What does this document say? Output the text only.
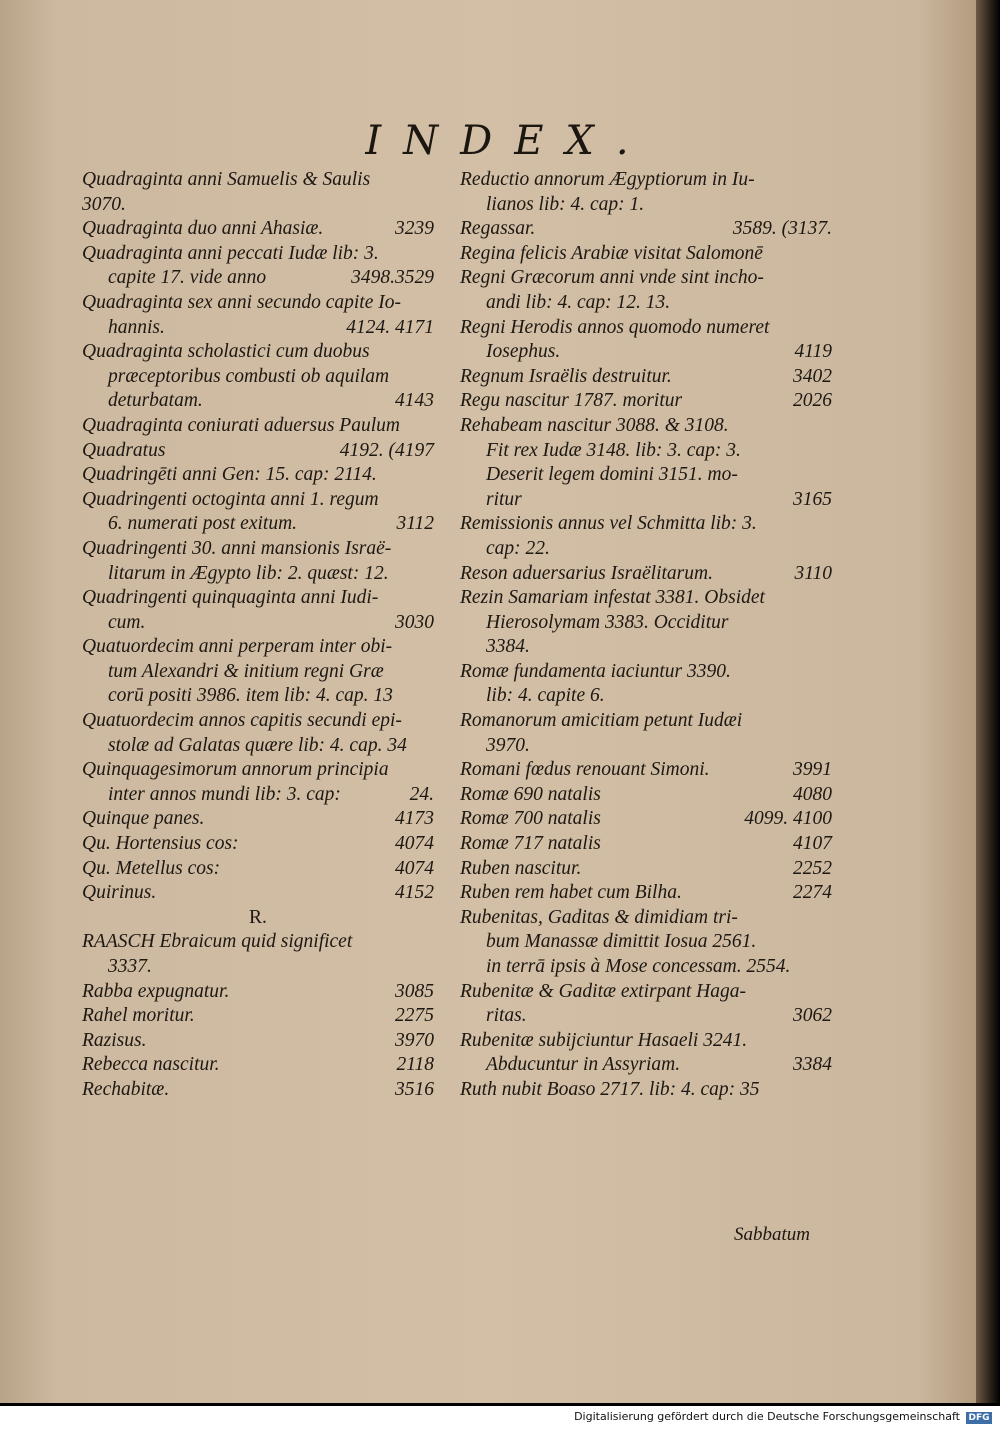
INDEX.
Quadraginta anni Samuelis & Saulis
3070.
Quadraginta duo anni Ahasiæ.	3239
Quadraginta anni peccati Iudæ lib: 3.
capite 17. vide anno	3498.3529
Quadraginta sex anni secundo capite Io-
hannis.	4124. 4171
Quadraginta scholastici cum duobus
præceptoribus combusti ob aquilam
deturbatam.	4143
Quadraginta coniurati aduersus Paulum
Quadratus	4192. (4197
Quadringēti anni Gen: 15. cap: 2114.
Quadringenti octoginta anni 1. regum
6. numerati post exitum.	3112
Quadringenti 30. anni mansionis Israë-
litarum in Ægypto lib: 2. quæst: 12.
Quadringenti quinquaginta anni Iudi-
cum.	3030
Quatuordecim anni perperam inter obi-
tum Alexandri & initium regni Græ
corū positi 3986. item lib: 4. cap. 13
Quatuordecim annos capitis secundi epi-
stolæ ad Galatas quære lib: 4. cap. 34
Quinquagesimorum annorum principia
inter annos mundi lib: 3. cap:	24.
Quinque panes.	4173
Qu. Hortensius cos:	4074
Qu. Metellus cos:	4074
Quirinus.	4152
R.
RAASCH Ebraicum quid significet
3337.
Rabba expugnatur.	3085
Rahel moritur.	2275
Razisus.	3970
Rebecca nascitur.	2118
Rechabitæ.	3516
Reductio annorum Ægyptiorum in Iu-
lianos lib: 4. cap: 1.
Regassar.	3589. (3137.
Regina felicis Arabiæ visitat Salomonē
Regni Græcorum anni vnde sint incho-
andi lib: 4. cap: 12. 13.
Regni Herodis annos quomodo numeret
Iosephus.	4119
Regnum Israëlis destruitur.	3402
Regu nascitur 1787. moritur	2026
Rehabeam nascitur 3088. & 3108.
Fit rex Iudæ 3148. lib: 3. cap: 3.
Deserit legem domini 3151. mo-
ritur	3165
Remissionis annus vel Schmitta lib: 3.
cap: 22.
Reson aduersarius Israëlitarum.	3110
Rezin Samariam infestat 3381. Obsidet
Hierosolymam 3383. Occiditur
3384.
Romæ fundamenta iaciuntur 3390.
lib: 4. capite 6.
Romanorum amicitiam petunt Iudæi
3970.
Romani fœdus renouant Simoni.	3991
Romæ 690 natalis	4080
Romæ 700 natalis	4099. 4100
Romæ 717 natalis	4107
Ruben nascitur.	2252
Ruben rem habet cum Bilha.	2274
Rubenitas, Gaditas & dimidiam tri-
bum Manassæ dimittit Iosua 2561.
in terrā ipsis à Mose concessam. 2554.
Rubenitæ & Gaditæ extirpant Haga-
ritas.	3062
Rubenitæ subijciuntur Hasaeli 3241.
Abducuntur in Assyriam.	3384
Ruth nubit Boaso 2717. lib: 4. cap: 35
Sabbatum
Digitalisierung gefördert durch die Deutsche Forschungsgemeinschaft DFG
